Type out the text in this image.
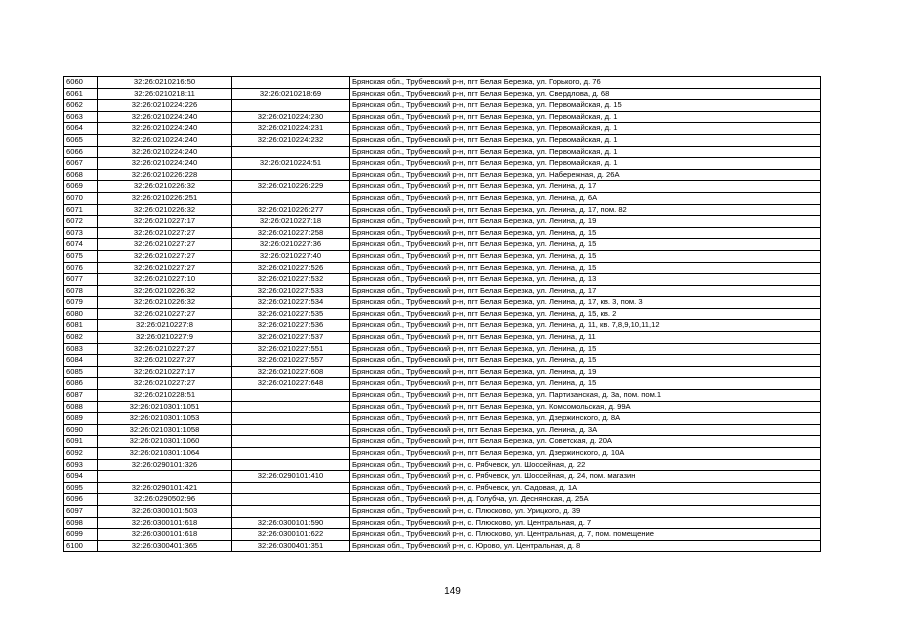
6060	32:26:0210216:50		Брянская обл., Трубчевский р-н, пгт Белая Березка, ул. Горького, д. 76
6061	32:26:0210218:11	32:26:0210218:69	Брянская обл., Трубчевский р-н, пгт Белая Березка, ул. Свердлова, д. 68
6062	32:26:0210224:226		Брянская обл., Трубчевский р-н, пгт Белая Березка, ул. Первомайская, д. 15
6063	32:26:0210224:240	32:26:0210224:230	Брянская обл., Трубчевский р-н, пгт Белая Березка, ул. Первомайская, д. 1
6064	32:26:0210224:240	32:26:0210224:231	Брянская обл., Трубчевский р-н, пгт Белая Березка, ул. Первомайская, д. 1
6065	32:26:0210224:240	32:26:0210224:232	Брянская обл., Трубчевский р-н, пгт Белая Березка, ул. Первомайская, д. 1
6066	32:26:0210224:240		Брянская обл., Трубчевский р-н, пгт Белая Березка, ул. Первомайская, д. 1
6067	32:26:0210224:240	32:26:0210224:51	Брянская обл., Трубчевский р-н, пгт Белая Березка, ул. Первомайская, д. 1
6068	32:26:0210226:228		Брянская обл., Трубчевский р-н, пгт Белая Березка, ул. Набережная, д. 26А
6069	32:26:0210226:32	32:26:0210226:229	Брянская обл., Трубчевский р-н, пгт Белая Березка, ул. Ленина, д. 17
6070	32:26:0210226:251		Брянская обл., Трубчевский р-н, пгт Белая Березка, ул. Ленина, д. 6А
6071	32:26:0210226:32	32:26:0210226:277	Брянская обл., Трубчевский р-н, пгт Белая Березка, ул. Ленина, д. 17, пом. 82
6072	32:26:0210227:17	32:26:0210227:18	Брянская обл., Трубчевский р-н, пгт Белая Березка, ул. Ленина, д. 19
6073	32:26:0210227:27	32:26:0210227:258	Брянская обл., Трубчевский р-н, пгт Белая Березка, ул. Ленина, д. 15
6074	32:26:0210227:27	32:26:0210227:36	Брянская обл., Трубчевский р-н, пгт Белая Березка, ул. Ленина, д. 15
6075	32:26:0210227:27	32:26:0210227:40	Брянская обл., Трубчевский р-н, пгт Белая Березка, ул. Ленина, д. 15
6076	32:26:0210227:27	32:26:0210227:526	Брянская обл., Трубчевский р-н, пгт Белая Березка, ул. Ленина, д. 15
6077	32:26:0210227:10	32:26:0210227:532	Брянская обл., Трубчевский р-н, пгт Белая Березка, ул. Ленина, д. 13
6078	32:26:0210226:32	32:26:0210227:533	Брянская обл., Трубчевский р-н, пгт Белая Березка, ул. Ленина, д. 17
6079	32:26:0210226:32	32:26:0210227:534	Брянская обл., Трубчевский р-н, пгт Белая Березка, ул. Ленина, д. 17, кв. 3, пом. 3
6080	32:26:0210227:27	32:26:0210227:535	Брянская обл., Трубчевский р-н, пгт Белая Березка, ул. Ленина, д. 15, кв. 2
6081	32:26:0210227:8	32:26:0210227:536	Брянская обл., Трубчевский р-н, пгт Белая Березка, ул. Ленина, д. 11, кв. 7,8,9,10,11,12
6082	32:26:0210227:9	32:26:0210227:537	Брянская обл., Трубчевский р-н, пгт Белая Березка, ул. Ленина, д. 11
6083	32:26:0210227:27	32:26:0210227:551	Брянская обл., Трубчевский р-н, пгт Белая Березка, ул. Ленина, д. 15
6084	32:26:0210227:27	32:26:0210227:557	Брянская обл., Трубчевский р-н, пгт Белая Березка, ул. Ленина, д. 15
6085	32:26:0210227:17	32:26:0210227:608	Брянская обл., Трубчевский р-н, пгт Белая Березка, ул. Ленина, д. 19
6086	32:26:0210227:27	32:26:0210227:648	Брянская обл., Трубчевский р-н, пгт Белая Березка, ул. Ленина, д. 15
6087	32:26:0210228:51		Брянская обл., Трубчевский р-н, пгт Белая Березка, ул. Партизанская, д. 3а, пом. пом.1
6088	32:26:0210301:1051		Брянская обл., Трубчевский р-н, пгт Белая Березка, ул. Комсомольская, д. 99А
6089	32:26:0210301:1053		Брянская обл., Трубчевский р-н, пгт Белая Березка, ул. Дзержинского, д. 8А
6090	32:26:0210301:1058		Брянская обл., Трубчевский р-н, пгт Белая Березка, ул. Ленина, д. 3А
6091	32:26:0210301:1060		Брянская обл., Трубчевский р-н, пгт Белая Березка, ул. Советская, д. 20А
6092	32:26:0210301:1064		Брянская обл., Трубчевский р-н, пгт Белая Березка, ул. Дзержинского, д. 10А
6093	32:26:0290101:326		Брянская обл., Трубчевский р-н, с. Рябчевск, ул. Шоссейная, д. 22
6094		32:26:0290101:410	Брянская обл., Трубчевский р-н, с. Рябчевск, ул. Шоссейная, д. 24, пом. магазин
6095	32:26:0290101:421		Брянская обл., Трубчевский р-н, с. Рябчевск, ул. Садовая, д. 1А
6096	32:26:0290502:96		Брянская обл., Трубчевский р-н, д. Голубча, ул. Деснянская, д. 25А
6097	32:26:0300101:503		Брянская обл., Трубчевский р-н, с. Плюсково, ул. Урицкого, д. 39
6098	32:26:0300101:618	32:26:0300101:590	Брянская обл., Трубчевский р-н, с. Плюсково, ул. Центральная, д. 7
6099	32:26:0300101:618	32:26:0300101:622	Брянская обл., Трубчевский р-н, с. Плюсково, ул. Центральная, д. 7, пом. помещение
6100	32:26:0300401:365	32:26:0300401:351	Брянская обл., Трубчевский р-н, с. Юрово, ул. Центральная, д. 8
149
